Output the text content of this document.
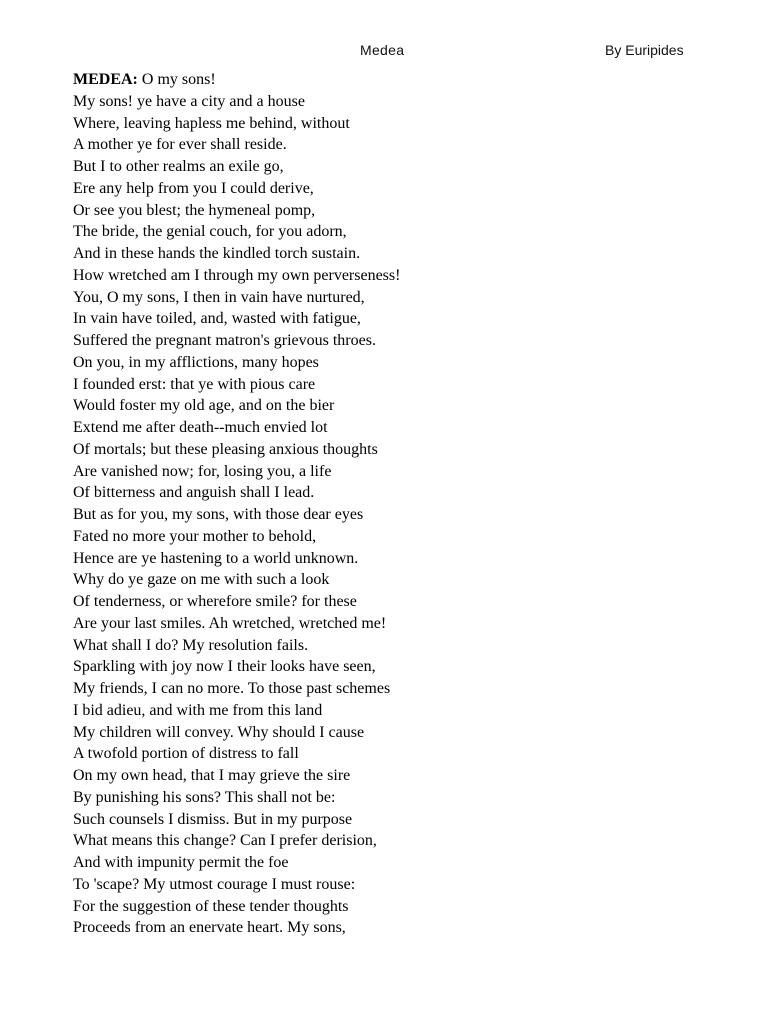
Medea	By Euripides
MEDEA: O my sons!
My sons! ye have a city and a house
Where, leaving hapless me behind, without
A mother ye for ever shall reside.
But I to other realms an exile go,
Ere any help from you I could derive,
Or see you blest; the hymeneal pomp,
The bride, the genial couch, for you adorn,
And in these hands the kindled torch sustain.
How wretched am I through my own perverseness!
You, O my sons, I then in vain have nurtured,
In vain have toiled, and, wasted with fatigue,
Suffered the pregnant matron's grievous throes.
On you, in my afflictions, many hopes
I founded erst: that ye with pious care
Would foster my old age, and on the bier
Extend me after death--much envied lot
Of mortals; but these pleasing anxious thoughts
Are vanished now; for, losing you, a life
Of bitterness and anguish shall I lead.
But as for you, my sons, with those dear eyes
Fated no more your mother to behold,
Hence are ye hastening to a world unknown.
Why do ye gaze on me with such a look
Of tenderness, or wherefore smile? for these
Are your last smiles. Ah wretched, wretched me!
What shall I do? My resolution fails.
Sparkling with joy now I their looks have seen,
My friends, I can no more. To those past schemes
I bid adieu, and with me from this land
My children will convey. Why should I cause
A twofold portion of distress to fall
On my own head, that I may grieve the sire
By punishing his sons? This shall not be:
Such counsels I dismiss. But in my purpose
What means this change? Can I prefer derision,
And with impunity permit the foe
To 'scape? My utmost courage I must rouse:
For the suggestion of these tender thoughts
Proceeds from an enervate heart. My sons,
